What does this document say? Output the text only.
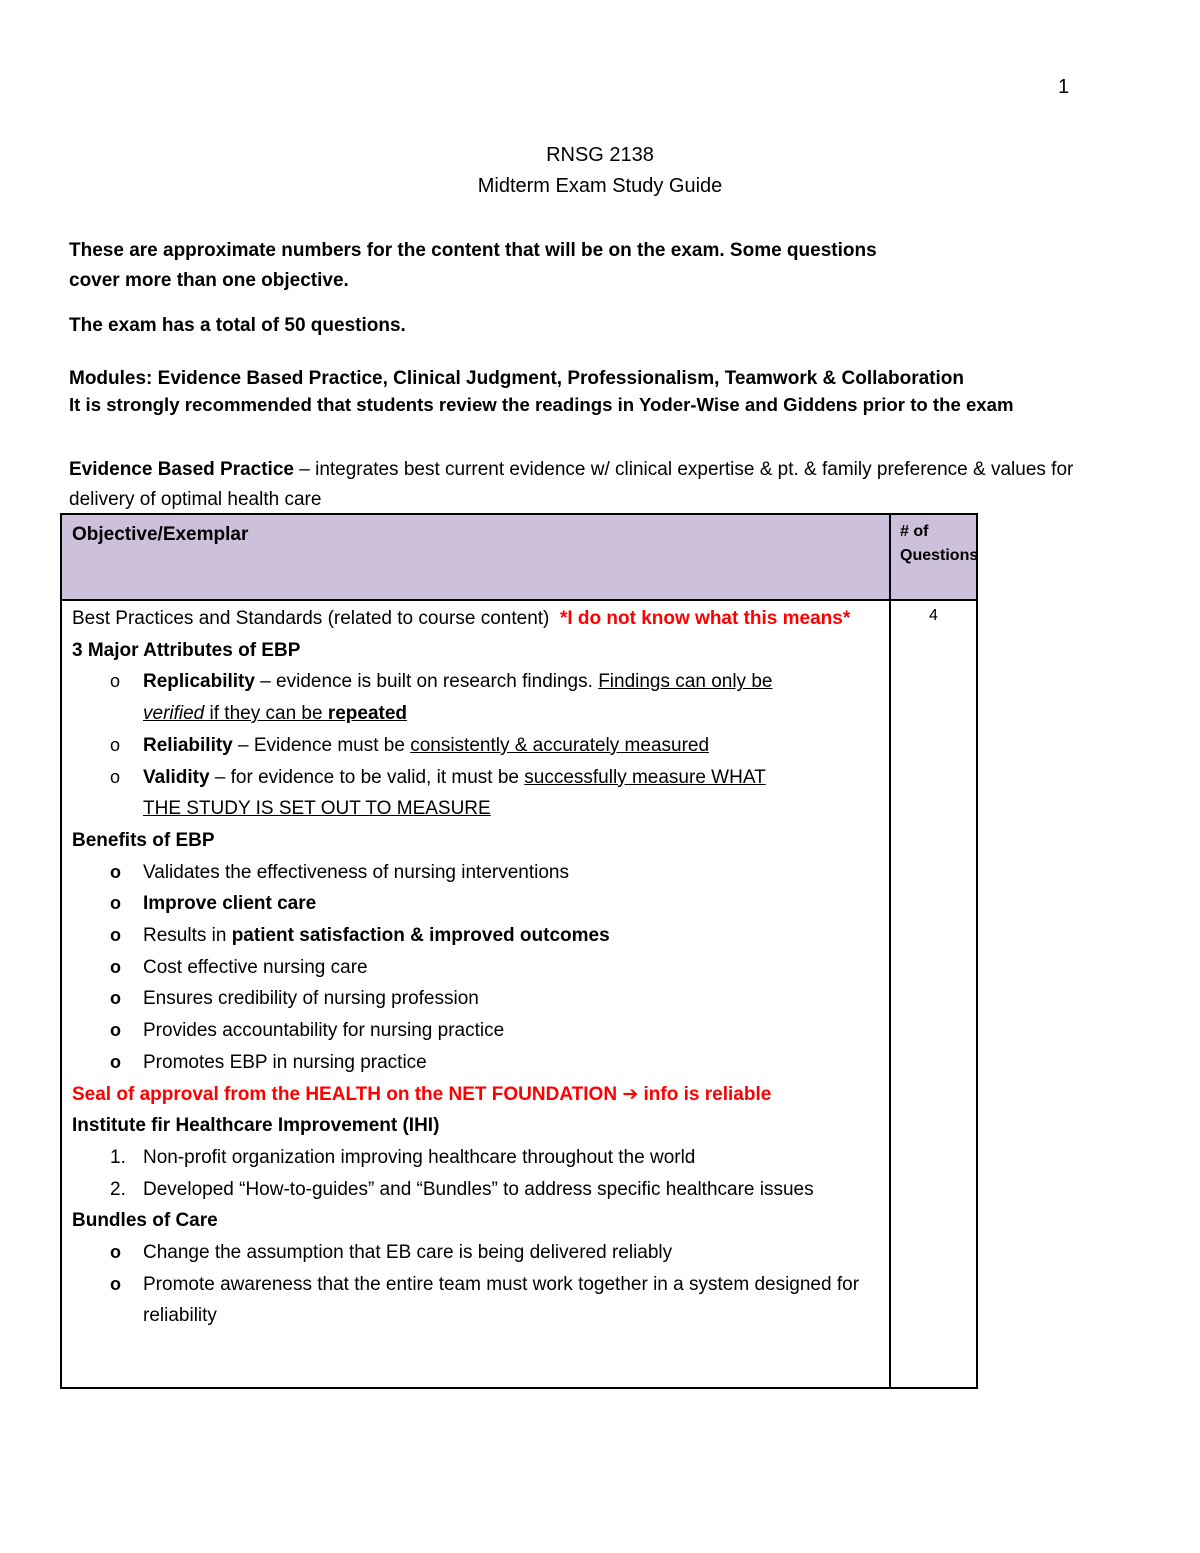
1
RNSG 2138
Midterm Exam Study Guide
These are approximate numbers for the content that will be on the exam. Some questions cover more than one objective.
The exam has a total of 50 questions.
Modules: Evidence Based Practice, Clinical Judgment, Professionalism, Teamwork & Collaboration
It is strongly recommended that students review the readings in Yoder-Wise and Giddens prior to the exam
Evidence Based Practice – integrates best current evidence w/ clinical expertise & pt. & family preference & values for delivery of optimal health care
Objective/Exemplar	# of Questions
4
Best Practices and Standards (related to course content) *I do not know what this means*
3 Major Attributes of EBP
o Replicability – evidence is built on research findings. Findings can only be
verified if they can be repeated
o Reliability – Evidence must be consistently & accurately measured
o Validity – for evidence to be valid, it must be successfully measure WHAT
THE STUDY IS SET OUT TO MEASURE
Benefits of EBP
o Validates the effectiveness of nursing interventions
o Improve client care
o Results in patient satisfaction & improved outcomes
o Cost effective nursing care
o Ensures credibility of nursing profession
o Provides accountability for nursing practice
o Promotes EBP in nursing practice
Seal of approval from the HEALTH on the NET FOUNDATION ➔ info is reliable
Institute fir Healthcare Improvement (IHI)
1. Non-profit organization improving healthcare throughout the world
2. Developed “How-to-guides” and “Bundles” to address specific healthcare issues
Bundles of Care
o Change the assumption that EB care is being delivered reliably
o Promote awareness that the entire team must work together in a system designed for reliability
